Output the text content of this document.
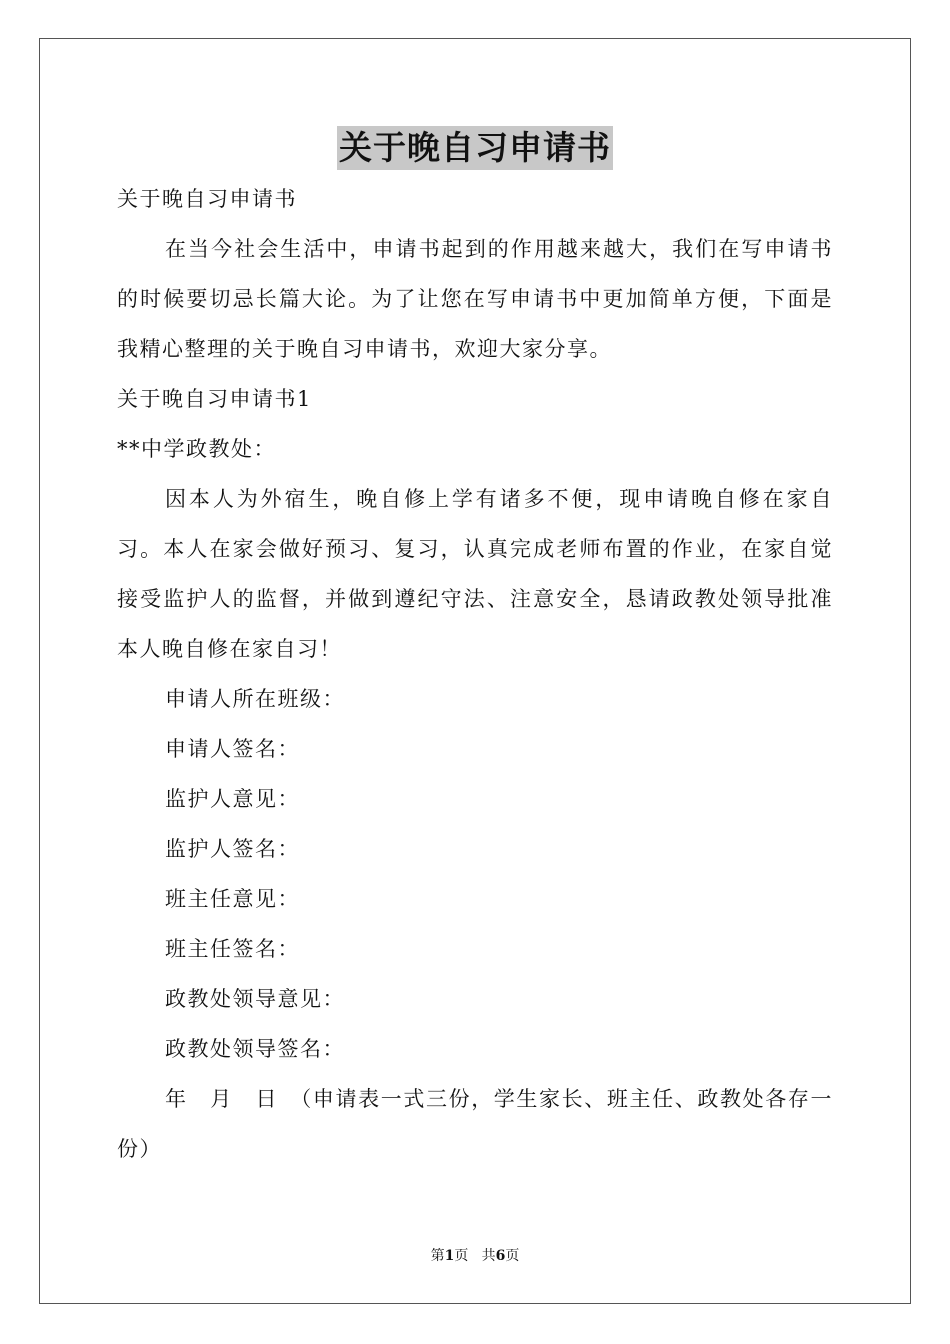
关于晚自习申请书

关于晚自习申请书

在当今社会生活中，申请书起到的作用越来越大，我们在写申请书的时候要切忌长篇大论。为了让您在写申请书中更加简单方便，下面是我精心整理的关于晚自习申请书，欢迎大家分享。

关于晚自习申请书1

**中学政教处：

因本人为外宿生，晚自修上学有诸多不便，现申请晚自修在家自习。本人在家会做好预习、复习，认真完成老师布置的作业，在家自觉接受监护人的监督，并做到遵纪守法、注意安全，恳请政教处领导批准本人晚自修在家自习！

申请人所在班级：

申请人签名：

监护人意见：

监护人签名：

班主任意见：

班主任签名：

政教处领导意见：

政教处领导签名：

年　月　日　（申请表一式三份，学生家长、班主任、政教处各存一份）

第1页 共6页
